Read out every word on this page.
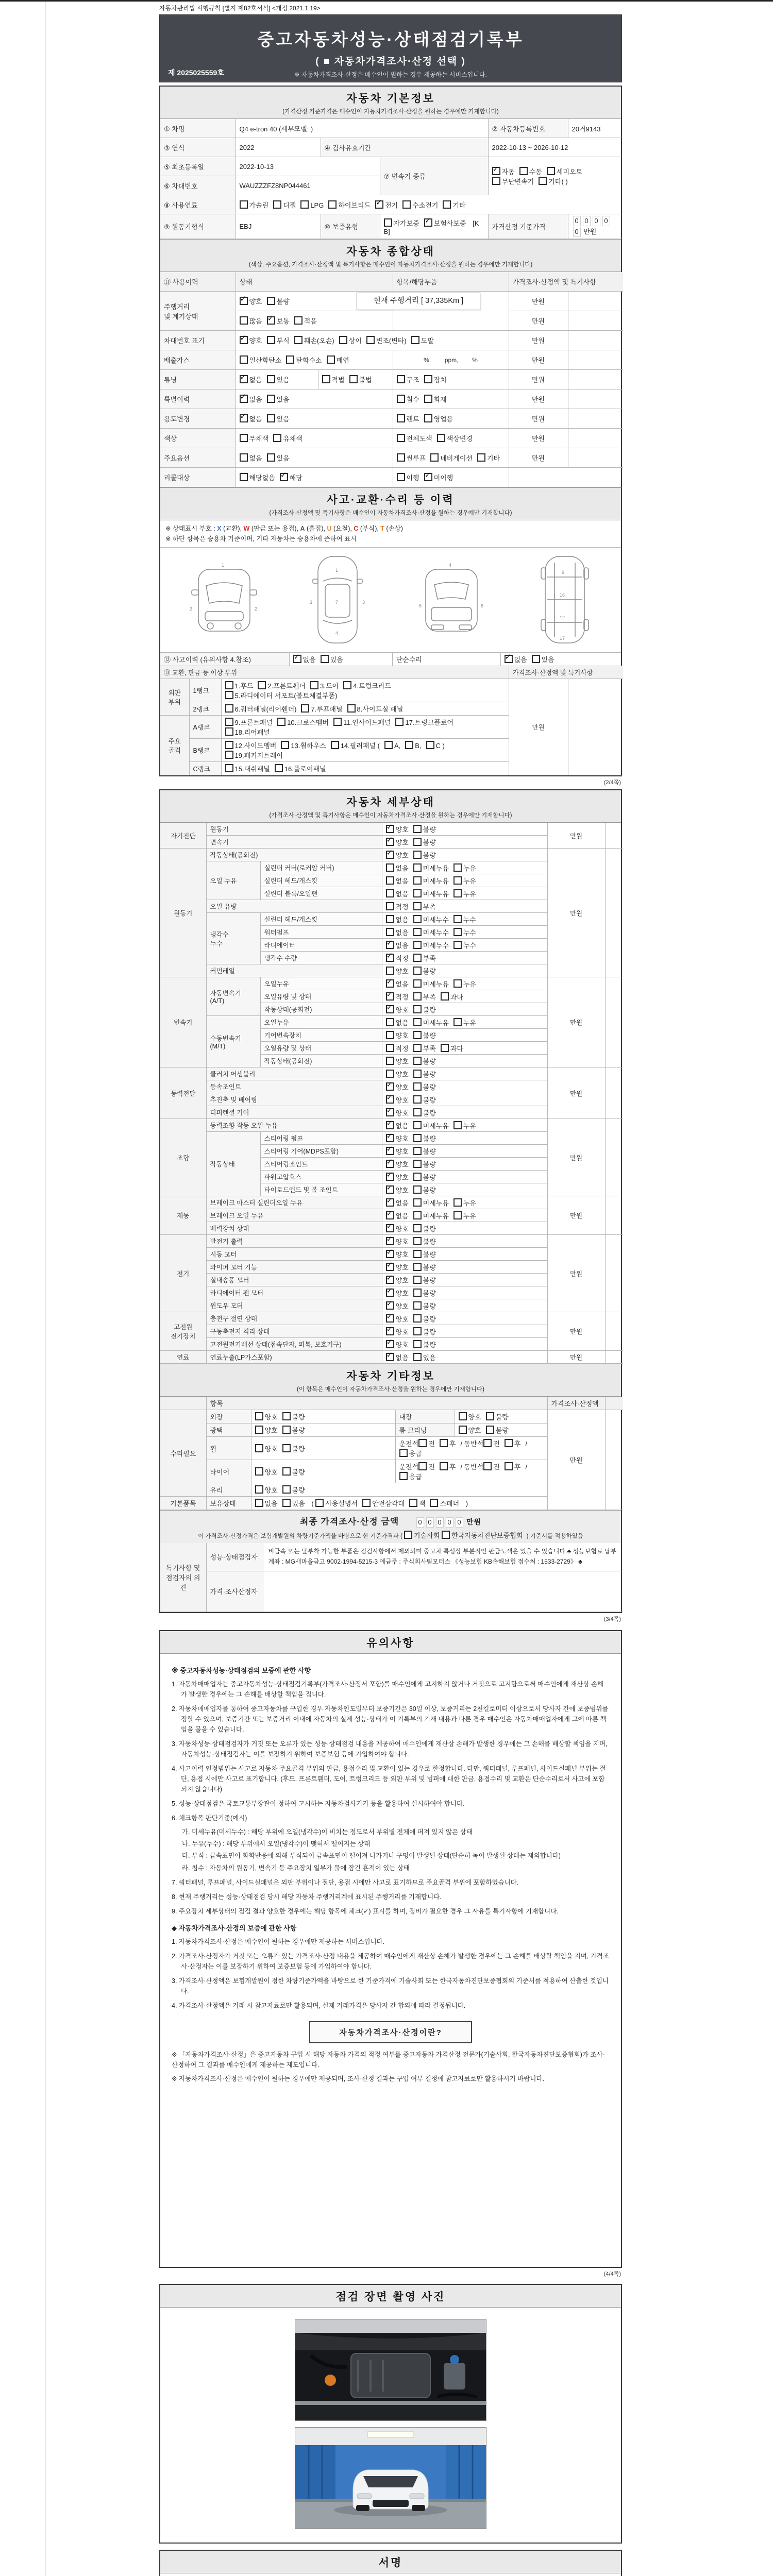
자동차관리법 시행규칙 [별지 제82호서식] <개정 2021.1.19>
중고자동차성능·상태점검기록부
( ■ 자동차가격조사·산정 선택 )
※ 자동차가격조사·산정은 매수인이 원하는 경우 제공하는 서비스입니다.
제 2025025559호
자동차 기본정보
(가격산정 기준가격은 매수인이 자동차가격조사·산정을 원하는 경우에만 기재합니다)
① 차명	Q4 e-tron 40 (세부모델: )			② 자동차등록번호	20거9143
③ 연식	2022	④ 검사유효기간		2022-10-13 ~ 2026-10-12	
⑤ 최초등록일	2022-10-13		⑦ 변속기 종류	✓자동 수동 세미오토
무단변속기 기타( )
⑥ 차대번호	WAUZZZFZ8NP044461				
⑧ 사용연료	가솔린 디젤 LPG 하이브리드 ✓ 전기 수소전기 기타
⑨ 원동기형식	EBJ	⑩ 보증유형	자가보증 ✓ 보험사보증 [KB]	가격산정 기준가격	0 0 0 00 만원
자동차 종합상태
(색상, 주요옵션, 가격조사·산정액 및 특기사항은 매수인이 자동차가격조사·산정을 원하는 경우에만 기재합니다)
⑪ 사용이력	상태		항목/해당부품	가격조사·산정액 및 특기사항	
주행거리
및 계기상태	✓양호 불량			만원	
	많음 ✓ 보통 적음			만원	
차대번호 표기	✓양호 부식 훼손(오손) 상이 변조(변타) 도말			만원	
배출가스	일산화탄소 탄화수소 매연		%,        ppm,        %	만원	
튜닝	✓없음 있음	적법 불법	구조 장치	만원	
특별이력	✓없음 있음		침수 화재	만원	
용도변경	✓없음 있음		렌트 영업용	만원	
색상	무채색 유채색		전체도색 색상변경	만원	
주요옵션	없음 있음		썬루프 네비게이션 기타	만원	
리콜대상	해당없음 ✓ 해당		이행 ✓ 미이행	
현재 주행거리 [ 37,335Km ]
사고·교환·수리 등 이력
(가격조사·산정액 및 특기사항은 매수인이 자동차가격조사·산정을 원하는 경우에만 기재합니다)
※ 상태표시 부호 : X (교환), W (판금 또는 용접), A (흠집), U (요철), C (부식), T (손상)
※ 하단 항목은 승용차 기준이며, 기타 자동차는 승용차에 준하여 표시
1
2	2
1
7
4
3	3
4
6	6
9
16
12
17
⑫ 사고이력 (유의사항 4.참조)	✓없음 있음	단순수리	✓없음 있음
⑬ 교환, 판금 등 이상 부위			가격조사·산정액 및 특기사항	
외판
부위	1랭크	1.후드 2.프론트휀더 3.도어 4.트렁크리드
5.라디에이터 서포트(볼트체결부품)	만원	
	2랭크	6.쿼터패널(리어휀더) 7.루프패널 8.사이드실 패널		
주요
골격	A랭크	9.프론트패널 10.크로스멤버 11.인사이드패널 17.트렁크플로어
18.리어패널		
	B랭크	12.사이드멤버 13.휠하우스 14.필러패널 ( A, B, C )
19.패키지트레이		
	C랭크	15.대쉬패널 16.플로어패널		
(2/4쪽)
자동차 세부상태
(가격조사·산정액 및 특기사항은 매수인이 자동차가격조사·산정을 원하는 경우에만 기재합니다)
자기진단	원동기	✓양호 불량	만원	
	변속기	✓양호 불량
원동기	작동상태(공회전)	✓양호 불량	만원	
	오일 누유	실린더 커버(로커암 커버)	없음 미세누유 누유		
		실린더 헤드/개스킷	없음 미세누유 누유		
		실린더 블록/오일팬	없음 미세누유 누유		
	오일 유량		적정 부족		
	냉각수
누수	실린더 헤드/개스킷	없음 미세누수 누수		
		워터펌프	없음 미세누수 누수		
		라디에이터	✓없음 미세누수 누수
		냉각수 수량	✓적정 부족
	커먼레일		양호 불량		
변속기	자동변속기
(A/T)	오일누유	✓없음 미세누유 누유	만원	
		오일유량 및 상태	✓적정 부족 과다
		작동상태(공회전)	✓양호 불량
	수동변속기
(M/T)	오일누유	없음 미세누유 누유		
		기어변속장치	양호 불량		
		오일유량 및 상태	적정 부족 과다		
		작동상태(공회전)	양호 불량		
동력전달	클러치 어셈블리		양호 불량	만원	
	등속조인트	✓양호 불량
	추진축 및 베어링	✓양호 불량
	디퍼렌셜 기어	✓양호 불량
조향	동력조향 작동 오일 누유	✓없음 미세누유 누유	만원	
	작동상태	스티어링 펌프	✓양호 불량
		스티어링 기어(MDPS포함)	✓양호 불량
		스티어링조인트	✓양호 불량
		파워고압호스	✓양호 불량
		타이로드엔드 및 볼 조인트	✓양호 불량
제동	브레이크 마스터 실린더오일 누유	✓없음 미세누유 누유	만원	
	브레이크 오일 누유	✓없음 미세누유 누유
	배력장치 상태	✓양호 불량
전기	발전기 출력	✓양호 불량	만원	
	시동 모터	✓양호 불량
	와이퍼 모터 기능	✓양호 불량
	실내송풍 모터	✓양호 불량
	라디에이터 팬 모터	✓양호 불량
	윈도우 모터	✓양호 불량
고전원
전기장치	충전구 절연 상태	✓양호 불량	만원	
	구동축전지 격리 상태	✓양호 불량
	고전원전기배선 상태(접속단자, 피복, 보호기구)	✓양호 불량
연료	연료누출(LP가스포함)	✓없음 있음	만원	
자동차 기타정보
(이 항목은 매수인이 자동차가격조사·산정을 원하는 경우에만 기재합니다)
	항목				가격조사·산정액	
수리필요	외장	양호 불량	내장	양호 불량	만원	
	광택	양호 불량	룸 크리닝	양호 불량		
	휠	양호 불량	운전석 전 후 / 동반석 전 후 / 응급			
	타이어	양호 불량	운전석 전 후 / 동반석 전 후 / 응급			
	유리	양호 불량				
기본품목	보유상태	없음 있음 ( 사용설명서 안전삼각대 잭 스패너 )				
최종 가격조사·산정 금액	0 0 0 0 0 만원
이 가격조사·산정가격은 보험개발원의 차량기준가액을 바탕으로 한 기준가격과 ( 기술사회 한국자동차진단보증협회 ) 기준서를 적용하였음
특기사항 및
점검자의 의견	성능·상태점검자	비금속 또는 탈부착 가능한 부품은 점검사항에서 제외되며 중고차 특성상 부분적인 판금도색은 있을 수 있습니다.♣ 성능보험료 납부계좌 : MG새마을금고 9002-1994-5215-3 예금주 : 주식회사팀모터스 《성능보험 KB손해보험 접수처 : 1533-2729》 ♣
	가격·조사산정자	
(3/4쪽)
유의사항
※ 중고자동차성능·상태점검의 보증에 관한 사항
1. 자동차매매업자는 중고자동차성능·상태점검기록부(가격조사·산정서 포함)를 매수인에게 고지하지 않거나 거짓으로 고지함으로써 매수인에게 재산상 손해가 발생한 경우에는 그 손해를 배상할 책임을 집니다.
2. 자동차매매업자를 통하여 중고자동차를 구입한 경우 자동차인도일부터 보증기간은 30일 이상, 보증거리는 2천킬로미터 이상으로서 당사자 간에 보증범위를 정할 수 있으며, 보증기간 또는 보증거리 이내에 자동차의 실제 성능·상태가 이 기록부의 기재 내용과 다른 경우 매수인은 자동차매매업자에게 그에 따른 책임을 물을 수 있습니다.
3. 자동차성능·상태점검자가 거짓 또는 오류가 있는 성능·상태점검 내용을 제공하여 매수인에게 재산상 손해가 발생한 경우에는 그 손해를 배상할 책임을 지며, 자동차성능·상태점검자는 이를 보장하기 위하여 보증보험 등에 가입하여야 합니다.
4. 사고이력 인정범위는 사고로 자동차 주요골격 부위의 판금, 용접수리 및 교환이 있는 경우로 한정합니다. 다만, 쿼터패널, 루프패널, 사이드실패널 부위는 절단, 용접 시에만 사고로 표기합니다. (후드, 프론트휀더, 도어, 트렁크리드 등 외판 부위 및 범퍼에 대한 판금, 용접수리 및 교환은 단순수리로서 사고에 포함되지 않습니다)
5. 성능·상태점검은 국토교통부장관이 정하여 고시하는 자동차검사기기 등을 활용하여 실시하여야 합니다.
6. 체크항목 판단기준(예시)
가. 미세누유(미세누수) : 해당 부위에 오일(냉각수)이 비치는 정도로서 부위별 전체에 퍼져 있지 않은 상태
나. 누유(누수) : 해당 부위에서 오일(냉각수)이 맺혀서 떨어지는 상태
다. 부식 : 금속표면이 화학반응에 의해 부식되어 금속표면이 떨어져 나가거나 구멍이 발생된 상태(단순히 녹이 발생된 상태는 제외합니다)
라. 침수 : 자동차의 원동기, 변속기 등 주요장치 일부가 물에 잠긴 흔적이 있는 상태
7. 쿼터패널, 루프패널, 사이드실패널은 외판 부위이나 절단, 용접 시에만 사고로 표기하므로 주요골격 부위에 포함하였습니다.
8. 현재 주행거리는 성능·상태점검 당시 해당 자동차 주행거리계에 표시된 주행거리를 기재합니다.
9. 주요장치 세부상태의 점검 결과 양호한 경우에는 해당 항목에 체크(✓) 표시를 하며, 정비가 필요한 경우 그 사유를 특기사항에 기재합니다.
◆ 자동차가격조사·산정의 보증에 관한 사항
1. 자동차가격조사·산정은 매수인이 원하는 경우에만 제공하는 서비스입니다.
2. 가격조사·산정자가 거짓 또는 오류가 있는 가격조사·산정 내용을 제공하여 매수인에게 재산상 손해가 발생한 경우에는 그 손해를 배상할 책임을 지며, 가격조사·산정자는 이를 보장하기 위하여 보증보험 등에 가입하여야 합니다.
3. 가격조사·산정액은 보험개발원이 정한 차량기준가액을 바탕으로 한 기준가격에 기술사회 또는 한국자동차진단보증협회의 기준서를 적용하여 산출한 것입니다.
4. 가격조사·산정액은 거래 시 참고자료로만 활용되며, 실제 거래가격은 당사자 간 합의에 따라 결정됩니다.
자동차가격조사·산정이란?
※ 「자동차가격조사·산정」은 중고자동차 구입 시 해당 자동차 가격의 적정 여부를 중고자동차 가격산정 전문가(기술사회, 한국자동차진단보증협회)가 조사·산정하여 그 결과를 매수인에게 제공하는 제도입니다.
※ 자동차가격조사·산정은 매수인이 원하는 경우에만 제공되며, 조사·산정 결과는 구입 여부 결정에 참고자료로만 활용하시기 바랍니다.
(4/4쪽)
점검 장면 촬영 사진

서명
